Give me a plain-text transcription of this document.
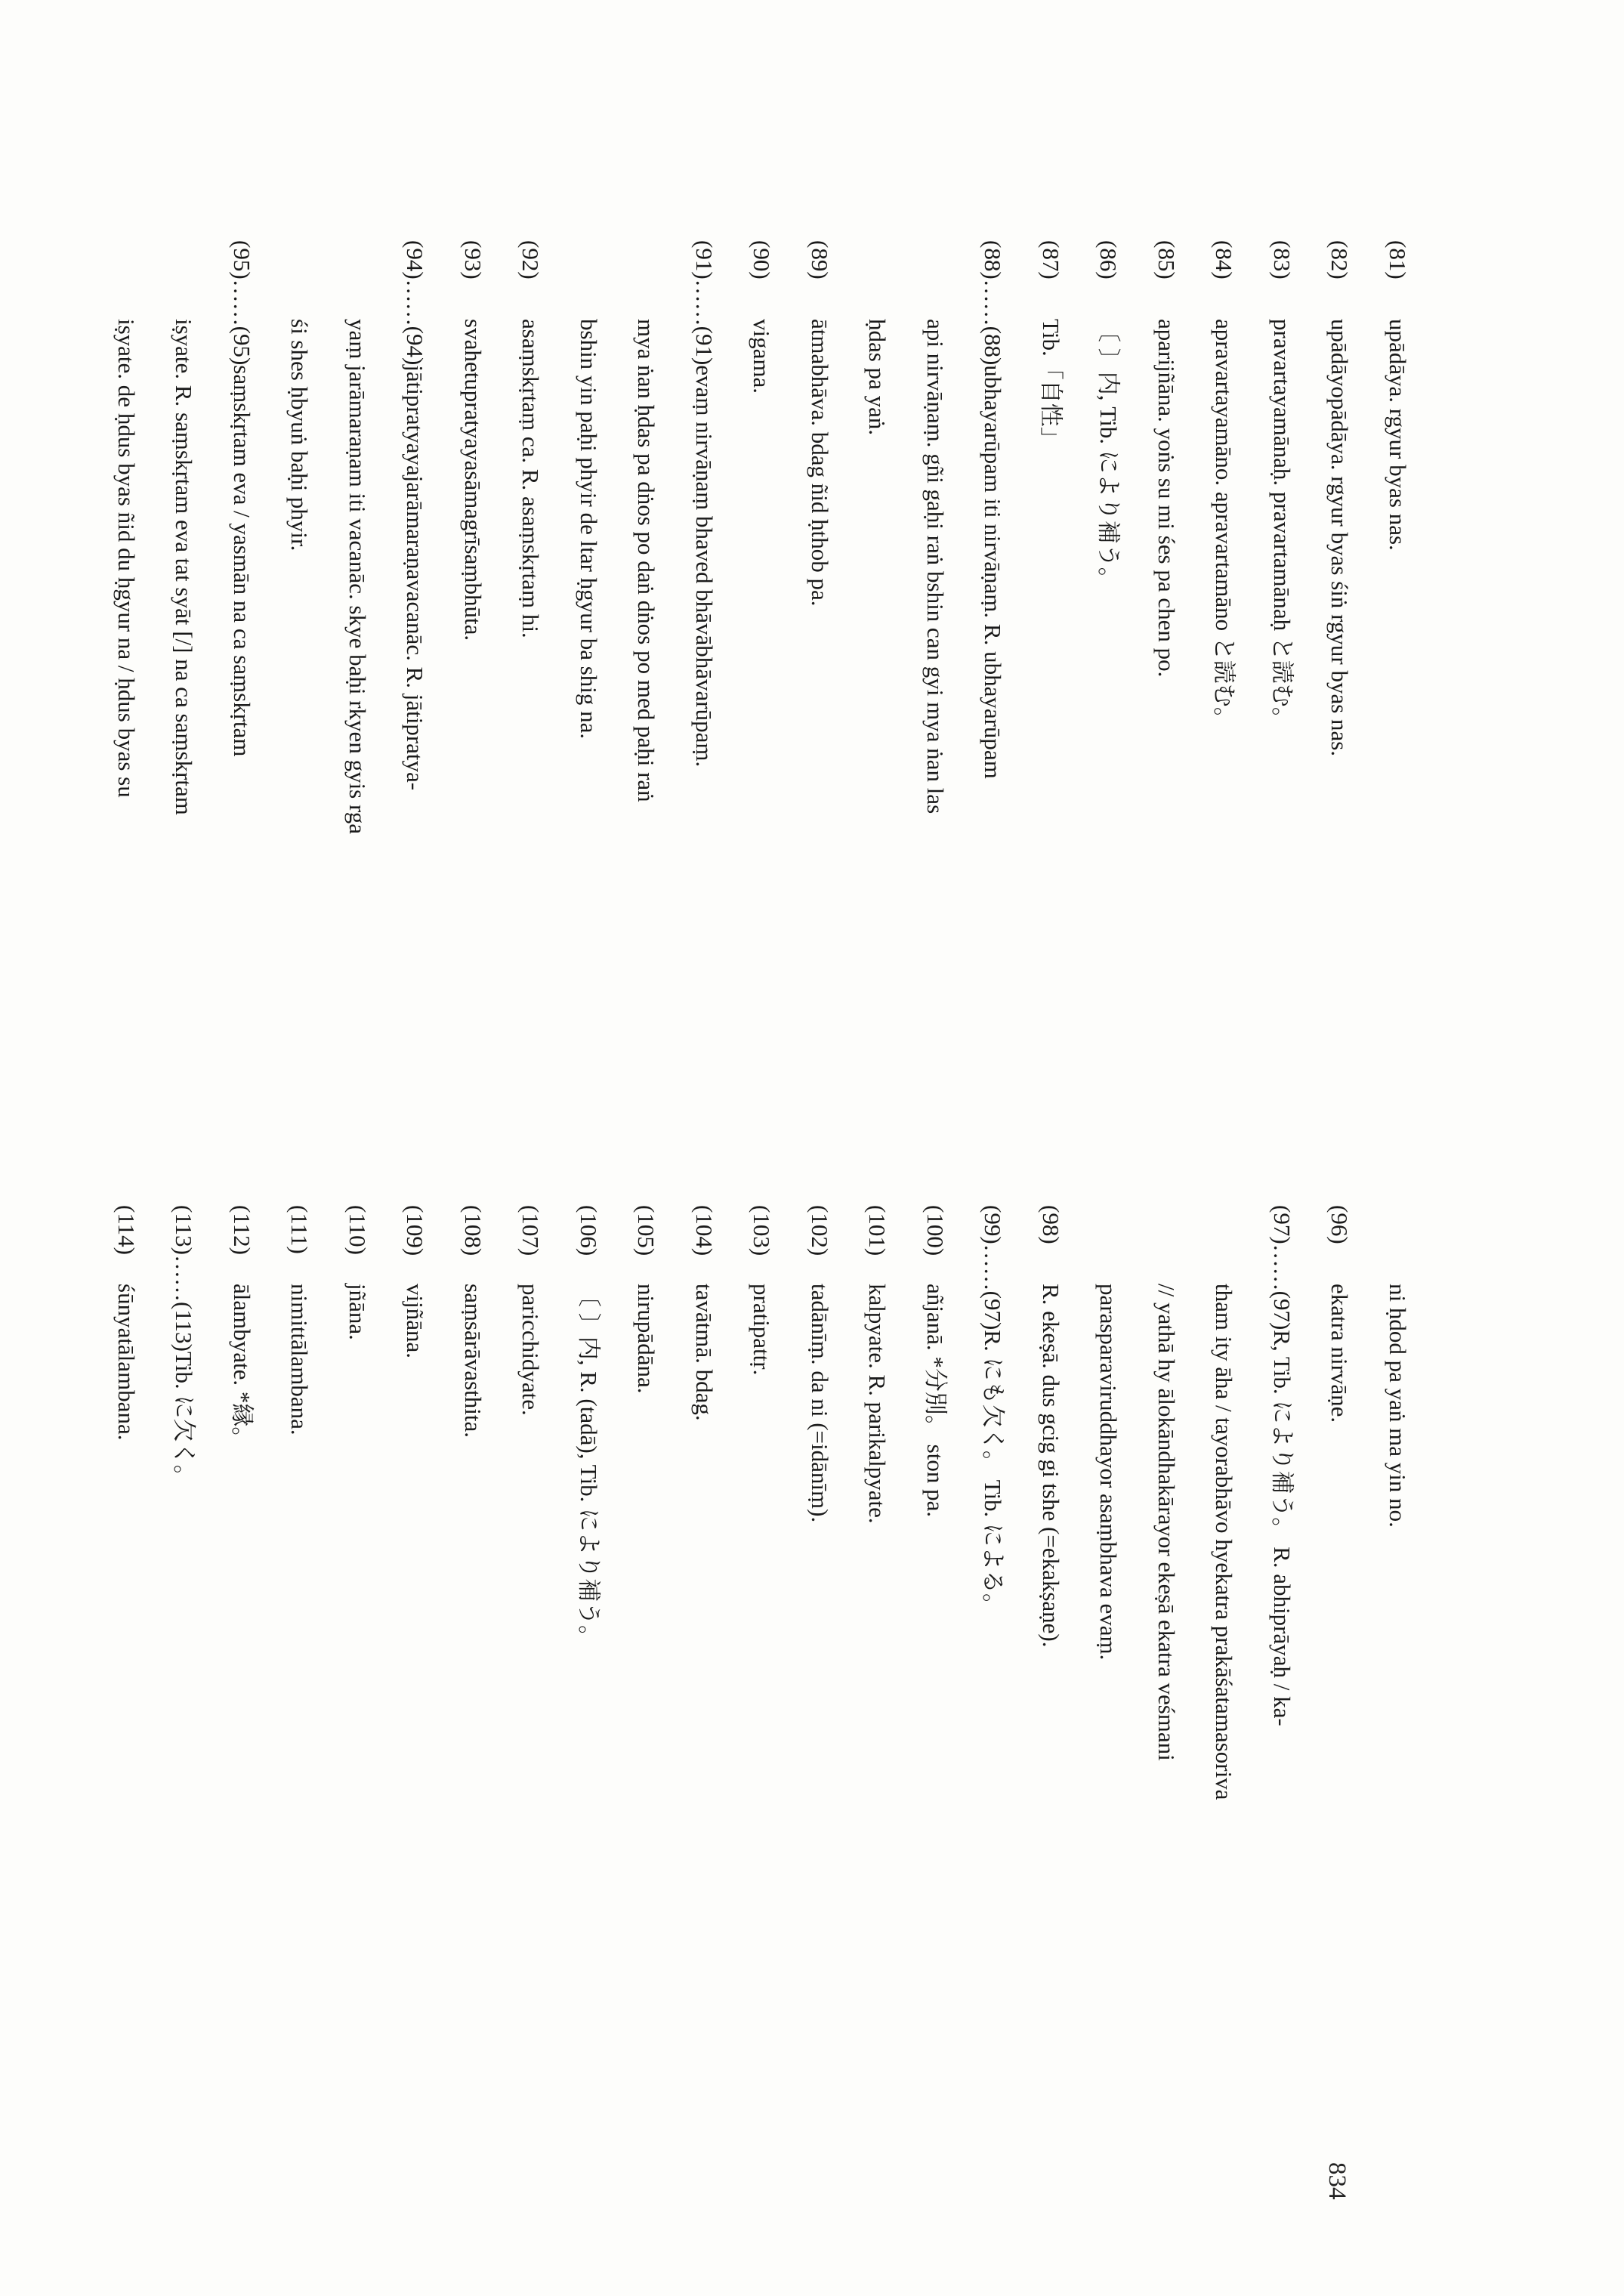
(81)upādāya. rgyur byas nas.
(82)upādāyopādāya. rgyur byas śiṅ rgyur byas nas.
(83)pravartayamānaḥ. pravartamānaḥ と読む。
(84)apravartayamāno. apravartamāno と読む。
(85)aparijñāna. yoṅs su mi śes pa chen po.
(86)〔 〕内, Tib. により補う。
(87)Tib.「自性」
(88)……(88)ubhayarūpam iti nirvāṇaṃ. R. ubhayarūpam
api nirvāṇaṃ. gñi gaḥi raṅ bshin can gyi mya ṅan las
ḥdas pa yaṅ.
(89)ātmabhāva. bdag ñid ḥthob pa.
(90)vigama.
(91)……(91)evaṃ nirvāṇaṃ bhaved bhāvābhāvarūpaṃ.
mya ṅan ḥdas pa dṅos po daṅ dṅos po med paḥi raṅ
bshin yin paḥi phyir de ltar ḥgyur ba shig na.
(92)asaṃskṛtaṃ ca. R. asaṃskṛtaṃ hi.
(93)svahetupratyayasāmagrīsaṃbhūta.
(94)……(94)jātipratyayajarāmaraṇavacanāc. R. jātipratya-
yaṃ jarāmaraṇam iti vacanāc. skye baḥi rkyen gyis rga
śi shes ḥbyuṅ baḥi phyir.
(95)……(95)saṃskṛtam eva / yasmān na ca saṃskṛtam
iṣyate. R. saṃskṛtam eva tat syāt [/] na ca saṃskṛtam
iṣyate. de ḥdus byas ñid du ḥgyur na / ḥdus byas su
ni ḥdod pa yaṅ ma yin no.
(96)ekatra nirvāṇe.
(97)……(97)R, Tib. により補う。 R. abhiprāyaḥ / ka-
tham ity āha / tayorabhāvo hyekatra prakāśatamasoriva
// yathā hy ālokāndhakārayor ekeṣā ekatra veśmani
parasparaviruddhayor asaṃbhava evaṃ.
(98)R. ekeṣā. dus gcig gi tshe (=ekakṣaṇe).
(99)……(97)R. にも欠く。 Tib. による。
(100)añjanā. *分別。 ston pa.
(101)kalpyate. R. parikalpyate.
(102)tadānīṃ. da ni (=idānīṃ).
(103)pratipattṛ.
(104)tavātmā. bdag.
(105)nirupādāna.
(106)〔 〕内, R. (tadā), Tib. により補う。
(107)paricchidyate.
(108)saṃsārāvasthita.
(109)vijñāna.
(110)jñāna.
(111)nimittālambana.
(112)ālambyate. *縁。
(113)……(113)Tib. に欠く。
(114)śūnyatālambana.
834
